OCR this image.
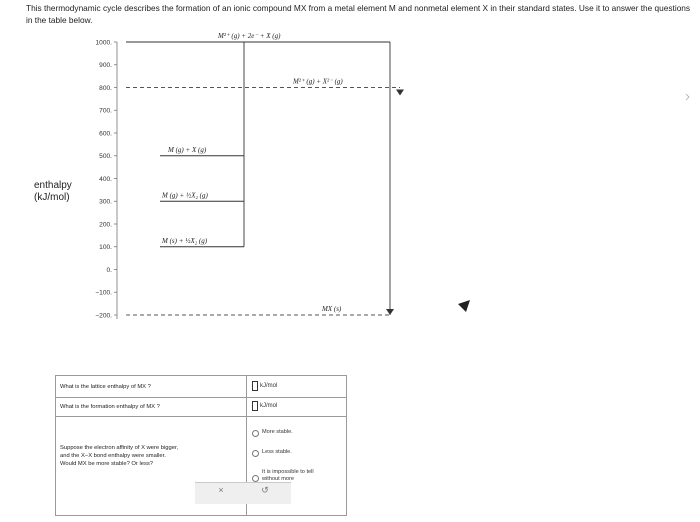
This thermodynamic cycle describes the formation of an ionic compound MX from a metal element M and nonmetal element X in their standard states. Use it to answer the questions in the table below.
enthalpy
(kJ/mol)
1000.
900.
800.
700.
600.
500.
400.
300.
200.
100.
0.
−100.
−200.
M²⁺ (g) + 2e⁻ + X (g)
M²⁺ (g) + X²⁻ (g)
M (g) + X (g)
M (g) + ½X₂ (g)
M (s) + ½X₂ (g)
MX (s)
What is the lattice enthalpy of MX ?
What is the formation enthalpy of MX ?
Suppose the electron affinity of X were bigger,
and the X−X bond enthalpy were smaller.
Would MX be more stable? Or less?
kJ/mol
kJ/mol
More stable.
Less stable.
It is impossible to tell
without more
×	↺
